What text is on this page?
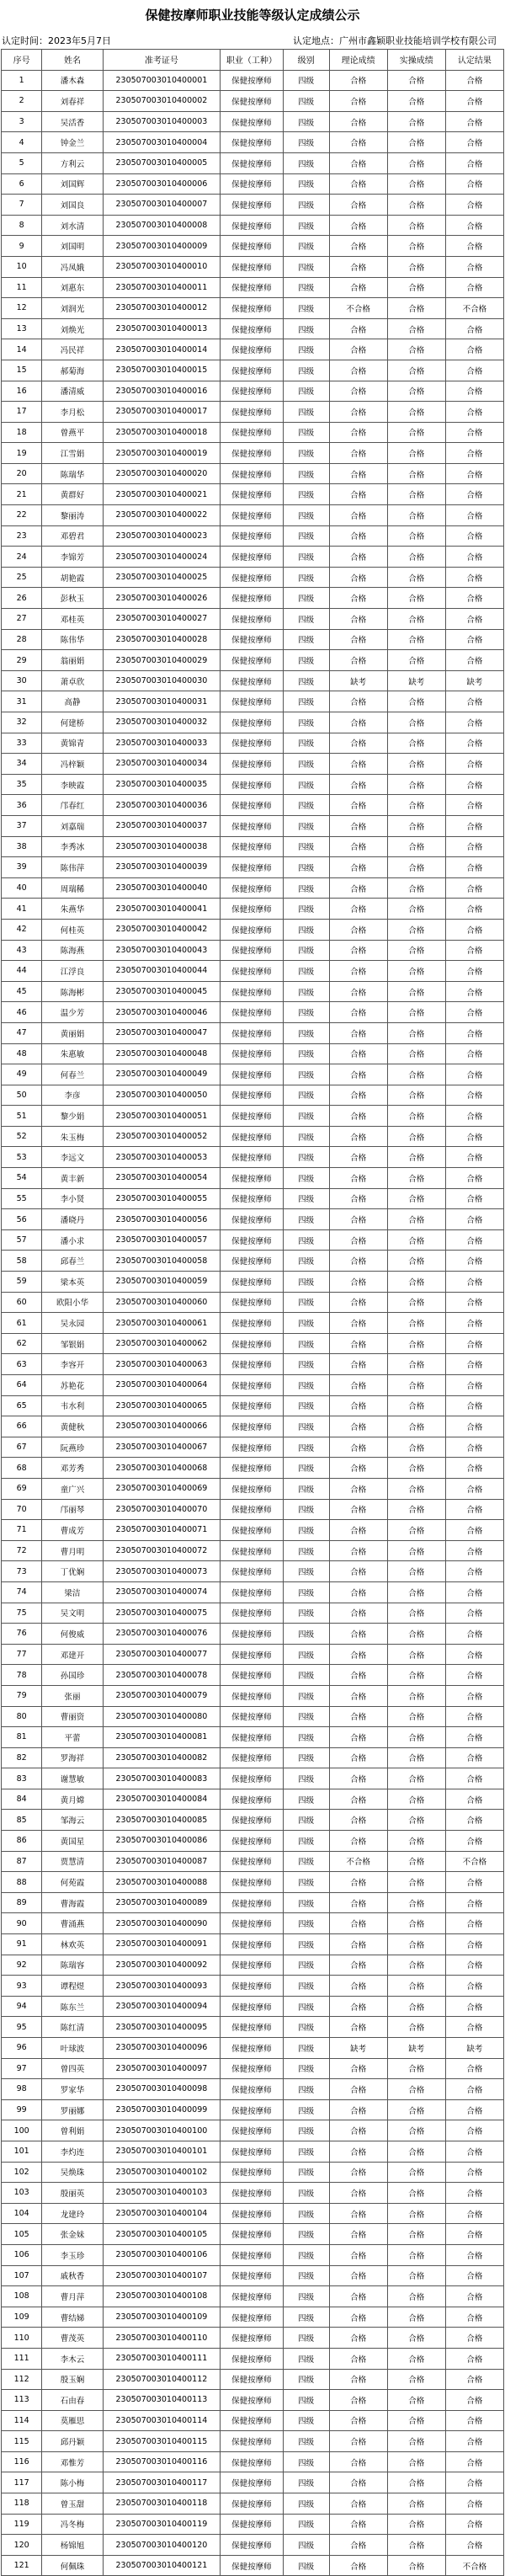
保健按摩师职业技能等级认定成绩公示
认定时间：2023年5月7日	认定地点：广州市鑫颖职业技能培训学校有限公司
序号	姓名	准考证号	职业（工种）	级别	理论成绩	实操成绩	认定结果
1	潘木森	230507003010400001	保健按摩师	四级	合格	合格	合格
2	刘春祥	230507003010400002	保健按摩师	四级	合格	合格	合格
3	吴活香	230507003010400003	保健按摩师	四级	合格	合格	合格
4	钟金兰	230507003010400004	保健按摩师	四级	合格	合格	合格
5	方利云	230507003010400005	保健按摩师	四级	合格	合格	合格
6	刘国辉	230507003010400006	保健按摩师	四级	合格	合格	合格
7	刘国良	230507003010400007	保健按摩师	四级	合格	合格	合格
8	刘水清	230507003010400008	保健按摩师	四级	合格	合格	合格
9	刘国明	230507003010400009	保健按摩师	四级	合格	合格	合格
10	冯凤娥	230507003010400010	保健按摩师	四级	合格	合格	合格
11	刘惠东	230507003010400011	保健按摩师	四级	合格	合格	合格
12	刘润光	230507003010400012	保健按摩师	四级	不合格	合格	不合格
13	刘焕光	230507003010400013	保健按摩师	四级	合格	合格	合格
14	冯民祥	230507003010400014	保健按摩师	四级	合格	合格	合格
15	郝菊海	230507003010400015	保健按摩师	四级	合格	合格	合格
16	潘清威	230507003010400016	保健按摩师	四级	合格	合格	合格
17	李月松	230507003010400017	保健按摩师	四级	合格	合格	合格
18	曾燕平	230507003010400018	保健按摩师	四级	合格	合格	合格
19	江雪娟	230507003010400019	保健按摩师	四级	合格	合格	合格
20	陈瑞华	230507003010400020	保健按摩师	四级	合格	合格	合格
21	黄群好	230507003010400021	保健按摩师	四级	合格	合格	合格
22	黎丽涛	230507003010400022	保健按摩师	四级	合格	合格	合格
23	邓碧君	230507003010400023	保健按摩师	四级	合格	合格	合格
24	李锦芳	230507003010400024	保健按摩师	四级	合格	合格	合格
25	胡艳霞	230507003010400025	保健按摩师	四级	合格	合格	合格
26	彭秋玉	230507003010400026	保健按摩师	四级	合格	合格	合格
27	邓桂英	230507003010400027	保健按摩师	四级	合格	合格	合格
28	陈伟华	230507003010400028	保健按摩师	四级	合格	合格	合格
29	翁丽娟	230507003010400029	保健按摩师	四级	合格	合格	合格
30	萧卓欣	230507003010400030	保健按摩师	四级	缺考	缺考	缺考
31	高静	230507003010400031	保健按摩师	四级	合格	合格	合格
32	何建桥	230507003010400032	保健按摩师	四级	合格	合格	合格
33	黄锦青	230507003010400033	保健按摩师	四级	合格	合格	合格
34	冯梓颖	230507003010400034	保健按摩师	四级	合格	合格	合格
35	李映霞	230507003010400035	保健按摩师	四级	合格	合格	合格
36	邝春红	230507003010400036	保健按摩师	四级	合格	合格	合格
37	刘嘉瑞	230507003010400037	保健按摩师	四级	合格	合格	合格
38	李秀冰	230507003010400038	保健按摩师	四级	合格	合格	合格
39	陈伟萍	230507003010400039	保健按摩师	四级	合格	合格	合格
40	周瑞稀	230507003010400040	保健按摩师	四级	合格	合格	合格
41	朱燕华	230507003010400041	保健按摩师	四级	合格	合格	合格
42	何桂英	230507003010400042	保健按摩师	四级	合格	合格	合格
43	陈海燕	230507003010400043	保健按摩师	四级	合格	合格	合格
44	江浮良	230507003010400044	保健按摩师	四级	合格	合格	合格
45	陈海彬	230507003010400045	保健按摩师	四级	合格	合格	合格
46	温少芳	230507003010400046	保健按摩师	四级	合格	合格	合格
47	黄丽娟	230507003010400047	保健按摩师	四级	合格	合格	合格
48	朱惠敏	230507003010400048	保健按摩师	四级	合格	合格	合格
49	何春兰	230507003010400049	保健按摩师	四级	合格	合格	合格
50	李彦	230507003010400050	保健按摩师	四级	合格	合格	合格
51	黎少娟	230507003010400051	保健按摩师	四级	合格	合格	合格
52	朱玉梅	230507003010400052	保健按摩师	四级	合格	合格	合格
53	李远文	230507003010400053	保健按摩师	四级	合格	合格	合格
54	黄丰新	230507003010400054	保健按摩师	四级	合格	合格	合格
55	李小贤	230507003010400055	保健按摩师	四级	合格	合格	合格
56	潘晓丹	230507003010400056	保健按摩师	四级	合格	合格	合格
57	潘小求	230507003010400057	保健按摩师	四级	合格	合格	合格
58	邱春兰	230507003010400058	保健按摩师	四级	合格	合格	合格
59	梁本英	230507003010400059	保健按摩师	四级	合格	合格	合格
60	欧阳小华	230507003010400060	保健按摩师	四级	合格	合格	合格
61	吴永园	230507003010400061	保健按摩师	四级	合格	合格	合格
62	邹银娟	230507003010400062	保健按摩师	四级	合格	合格	合格
63	李容开	230507003010400063	保健按摩师	四级	合格	合格	合格
64	苏艳花	230507003010400064	保健按摩师	四级	合格	合格	合格
65	韦水利	230507003010400065	保健按摩师	四级	合格	合格	合格
66	黄健秋	230507003010400066	保健按摩师	四级	合格	合格	合格
67	阮燕珍	230507003010400067	保健按摩师	四级	合格	合格	合格
68	邓芳秀	230507003010400068	保健按摩师	四级	合格	合格	合格
69	童广兴	230507003010400069	保健按摩师	四级	合格	合格	合格
70	邝丽琴	230507003010400070	保健按摩师	四级	合格	合格	合格
71	曹成芳	230507003010400071	保健按摩师	四级	合格	合格	合格
72	曹月明	230507003010400072	保健按摩师	四级	合格	合格	合格
73	丁优娴	230507003010400073	保健按摩师	四级	合格	合格	合格
74	梁洁	230507003010400074	保健按摩师	四级	合格	合格	合格
75	吴文明	230507003010400075	保健按摩师	四级	合格	合格	合格
76	何俊威	230507003010400076	保健按摩师	四级	合格	合格	合格
77	邓建开	230507003010400077	保健按摩师	四级	合格	合格	合格
78	孙国珍	230507003010400078	保健按摩师	四级	合格	合格	合格
79	张丽	230507003010400079	保健按摩师	四级	合格	合格	合格
80	曹丽资	230507003010400080	保健按摩师	四级	合格	合格	合格
81	平蕾	230507003010400081	保健按摩师	四级	合格	合格	合格
82	罗海祥	230507003010400082	保健按摩师	四级	合格	合格	合格
83	谢慧敏	230507003010400083	保健按摩师	四级	合格	合格	合格
84	黄月嫦	230507003010400084	保健按摩师	四级	合格	合格	合格
85	邹海云	230507003010400085	保健按摩师	四级	合格	合格	合格
86	黄国星	230507003010400086	保健按摩师	四级	合格	合格	合格
87	贾慧清	230507003010400087	保健按摩师	四级	不合格	合格	不合格
88	何苑霞	230507003010400088	保健按摩师	四级	合格	合格	合格
89	曹海霞	230507003010400089	保健按摩师	四级	合格	合格	合格
90	曹涌燕	230507003010400090	保健按摩师	四级	合格	合格	合格
91	林欢英	230507003010400091	保健按摩师	四级	合格	合格	合格
92	陈瑞容	230507003010400092	保健按摩师	四级	合格	合格	合格
93	谭程煜	230507003010400093	保健按摩师	四级	合格	合格	合格
94	陈东兰	230507003010400094	保健按摩师	四级	合格	合格	合格
95	陈红清	230507003010400095	保健按摩师	四级	合格	合格	合格
96	叶球波	230507003010400096	保健按摩师	四级	缺考	缺考	缺考
97	曾四英	230507003010400097	保健按摩师	四级	合格	合格	合格
98	罗家华	230507003010400098	保健按摩师	四级	合格	合格	合格
99	罗丽娜	230507003010400099	保健按摩师	四级	合格	合格	合格
100	曾利娟	230507003010400100	保健按摩师	四级	合格	合格	合格
101	李灼连	230507003010400101	保健按摩师	四级	合格	合格	合格
102	吴焕珠	230507003010400102	保健按摩师	四级	合格	合格	合格
103	殷丽英	230507003010400103	保健按摩师	四级	合格	合格	合格
104	龙建玲	230507003010400104	保健按摩师	四级	合格	合格	合格
105	张金妹	230507003010400105	保健按摩师	四级	合格	合格	合格
106	李玉珍	230507003010400106	保健按摩师	四级	合格	合格	合格
107	戚秋香	230507003010400107	保健按摩师	四级	合格	合格	合格
108	曹月萍	230507003010400108	保健按摩师	四级	合格	合格	合格
109	曹结娣	230507003010400109	保健按摩师	四级	合格	合格	合格
110	曹茂英	230507003010400110	保健按摩师	四级	合格	合格	合格
111	李木云	230507003010400111	保健按摩师	四级	合格	合格	合格
112	殷玉娴	230507003010400112	保健按摩师	四级	合格	合格	合格
113	石由春	230507003010400113	保健按摩师	四级	合格	合格	合格
114	莫雁思	230507003010400114	保健按摩师	四级	合格	合格	合格
115	邱丹颖	230507003010400115	保健按摩师	四级	合格	合格	合格
116	邓惟芳	230507003010400116	保健按摩师	四级	合格	合格	合格
117	陈小梅	230507003010400117	保健按摩师	四级	合格	合格	合格
118	曾玉甜	230507003010400118	保健按摩师	四级	合格	合格	合格
119	冯冬梅	230507003010400119	保健按摩师	四级	合格	合格	合格
120	杨锦旭	230507003010400120	保健按摩师	四级	合格	合格	合格
121	何佩珠	230507003010400121	保健按摩师	四级	合格	合格	不合格
